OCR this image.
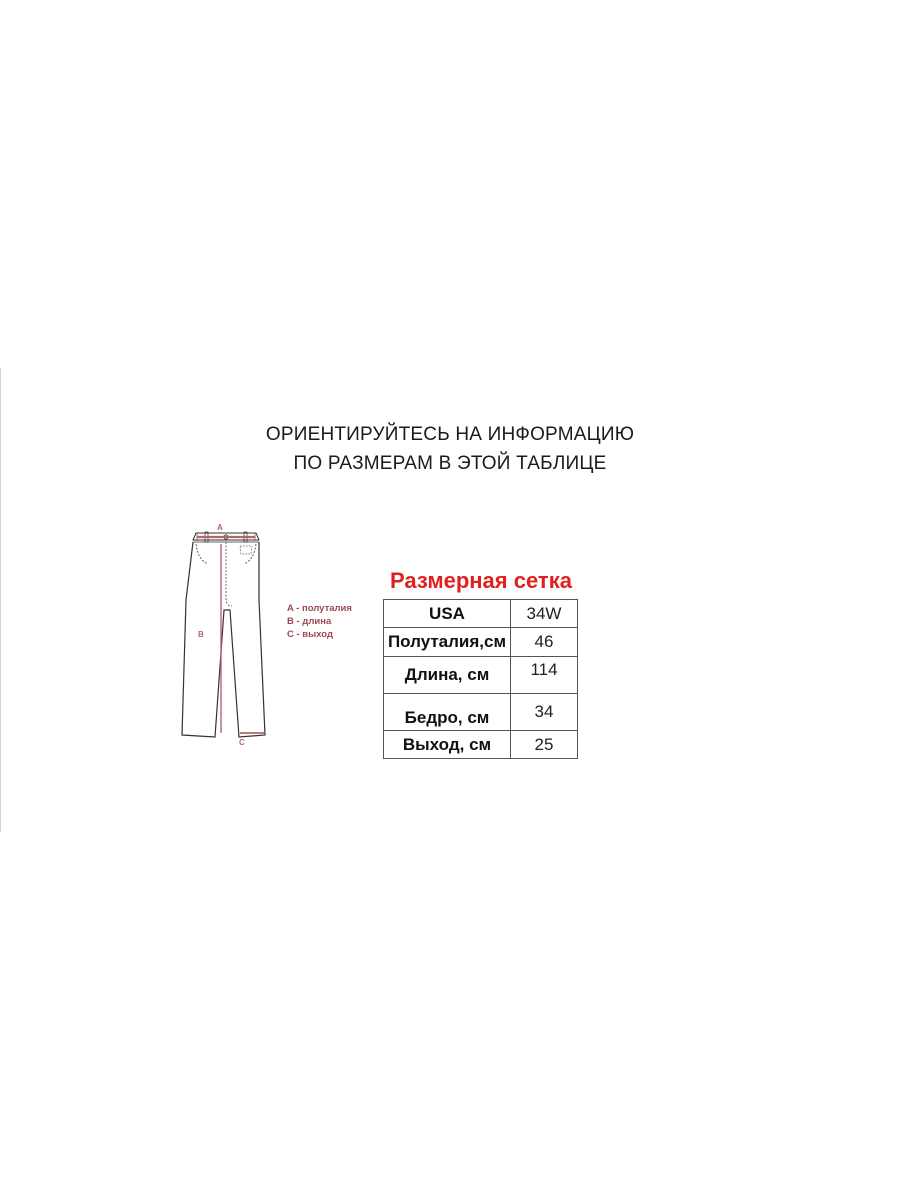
ОРИЕНТИРУЙТЕСЬ НА ИНФОРМАЦИЮ
ПО РАЗМЕРАМ В ЭТОЙ ТАБЛИЦЕ
A
B
C
A - полуталия
B - длина
C - выход
Размерная сетка
USA	34W
Полуталия,см	46
Длина, см	114
Бедро, см	34
Выход, см	25
